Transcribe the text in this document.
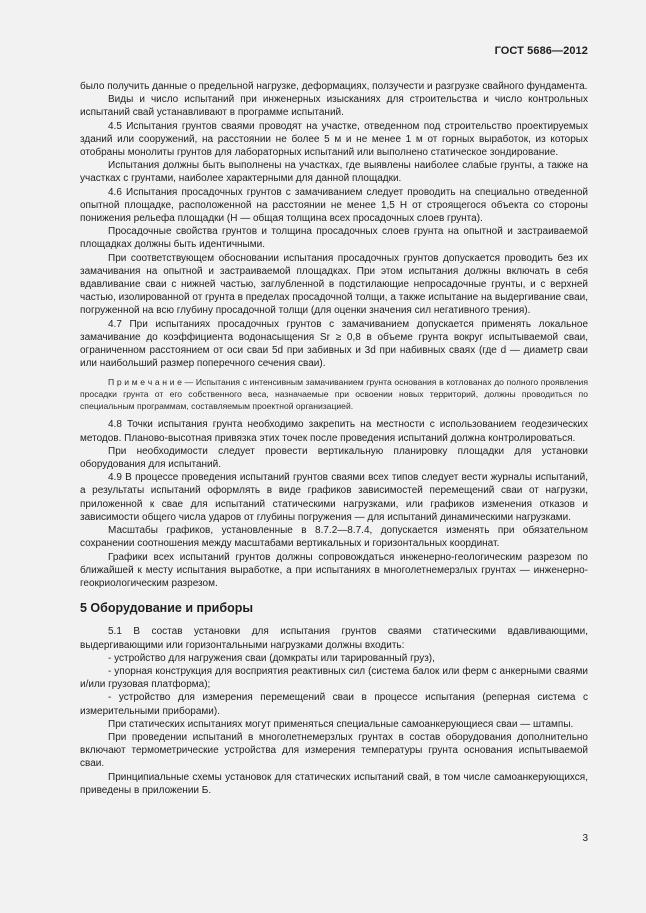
ГОСТ 5686—2012

было получить данные о предельной нагрузке, деформациях, ползучести и разгрузке свайного фундамента.

Виды и число испытаний при инженерных изысканиях для строительства и число контрольных испытаний свай устанавливают в программе испытаний.

4.5 Испытания грунтов сваями проводят на участке, отведенном под строительство проектируемых зданий или сооружений, на расстоянии не более 5 м и не менее 1 м от горных выработок, из которых отобраны монолиты грунтов для лабораторных испытаний или выполнено статическое зондирование.

Испытания должны быть выполнены на участках, где выявлены наиболее слабые грунты, а также на участках с грунтами, наиболее характерными для данной площадки.

4.6 Испытания просадочных грунтов с замачиванием следует проводить на специально отведенной опытной площадке, расположенной на расстоянии не менее 1,5 H от строящегося объекта со стороны понижения рельефа площадки (H — общая толщина всех просадочных слоев грунта).

Просадочные свойства грунтов и толщина просадочных слоев грунта на опытной и застраиваемой площадках должны быть идентичными.

При соответствующем обосновании испытания просадочных грунтов допускается проводить без их замачивания на опытной и застраиваемой площадках. При этом испытания должны включать в себя вдавливание сваи с нижней частью, заглубленной в подстилающие непросадочные грунты, и с верхней частью, изолированной от грунта в пределах просадочной толщи, а также испытание на выдергивание сваи, погруженной на всю глубину просадочной толщи (для оценки значения сил негативного трения).

4.7 При испытаниях просадочных грунтов с замачиванием допускается применять локальное замачивание до коэффициента водонасыщения Sr ≥ 0,8 в объеме грунта вокруг испытываемой сваи, ограниченном расстоянием от оси сваи 5d при забивных и 3d при набивных сваях (где d — диаметр сваи или наибольший размер поперечного сечения сваи).

П р и м е ч а н и е — Испытания с интенсивным замачиванием грунта основания в котлованах до полного проявления просадки грунта от его собственного веса, назначаемые при освоении новых территорий, должны проводиться по специальным программам, составляемым проектной организацией.

4.8 Точки испытания грунта необходимо закрепить на местности с использованием геодезических методов. Планово-высотная привязка этих точек после проведения испытаний должна контролироваться.

При необходимости следует провести вертикальную планировку площадки для установки оборудования для испытаний.

4.9 В процессе проведения испытаний грунтов сваями всех типов следует вести журналы испытаний, а результаты испытаний оформлять в виде графиков зависимостей перемещений сваи от нагрузки, приложенной к свае для испытаний статическими нагрузками, или графиков изменения отказов и зависимости общего числа ударов от глубины погружения — для испытаний динамическими нагрузками.

Масштабы графиков, установленные в 8.7.2—8.7.4, допускается изменять при обязательном сохранении соотношения между масштабами вертикальных и горизонтальных координат.

Графики всех испытаний грунтов должны сопровождаться инженерно-геологическим разрезом по ближайшей к месту испытания выработке, а при испытаниях в многолетнемерзлых грунтах — инженерно-геокриологическим разрезом.

5 Оборудование и приборы

5.1 В состав установки для испытания грунтов сваями статическими вдавливающими, выдергивающими или горизонтальными нагрузками должны входить:

- устройство для нагружения сваи (домкраты или тарированный груз),

- упорная конструкция для восприятия реактивных сил (система балок или ферм с анкерными сваями и/или грузовая платформа);

- устройство для измерения перемещений сваи в процессе испытания (реперная система с измерительными приборами).

При статических испытаниях могут применяться специальные самоанкерующиеся сваи — штампы.

При проведении испытаний в многолетнемерзлых грунтах в состав оборудования дополнительно включают термометрические устройства для измерения температуры грунта основания испытываемой сваи.

Принципиальные схемы установок для статических испытаний свай, в том числе самоанкерующихся, приведены в приложении Б.

3
